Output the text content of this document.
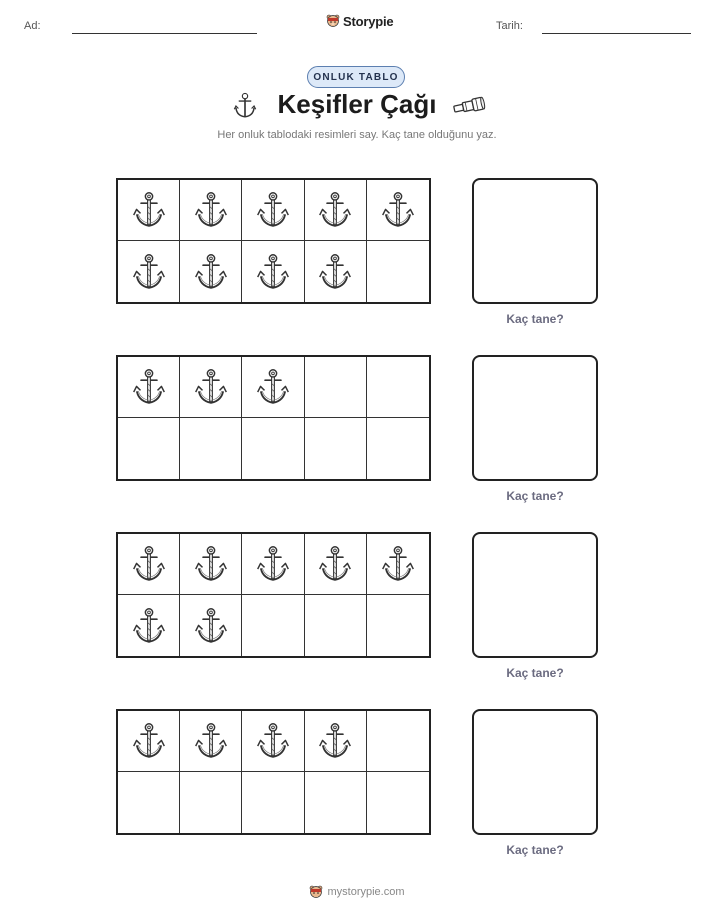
Ad:	Storypie	Tarih:
ONLUK TABLO
Keşifler Çağı
Her onluk tablodaki resimleri say. Kaç tane olduğunu yaz.
Kaç tane?
Kaç tane?
Kaç tane?
Kaç tane?
mystorypie.com
